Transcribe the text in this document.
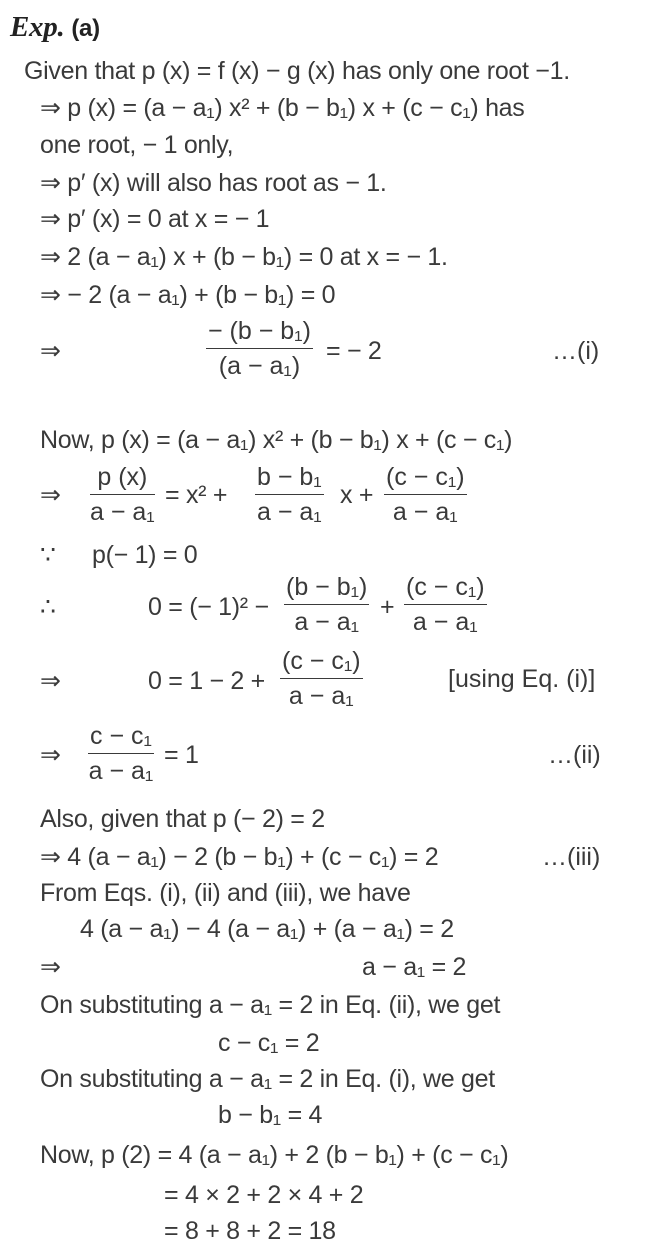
Exp. (a)
Given that p (x) = f (x) − g (x) has only one root −1.
⇒ p (x) = (a − a₁) x² + (b − b₁) x + (c − c₁) has
one root, − 1 only,
⇒ p′ (x) will also has root as − 1.
⇒ p′ (x) = 0 at x = − 1
⇒ 2 (a − a₁) x + (b − b₁) = 0 at x = − 1.
⇒ − 2 (a − a₁) + (b − b₁) = 0
⇒	$\frac{\text{− (b − b₁)}}{\text{(a − a₁)}}$ = − 2	…(i)
Now, p (x) = (a − a₁) x² + (b − b₁) x + (c − c₁)
⇒ $\frac{p (x)}{\text{a − a₁}} = x^2 + \frac{\text{b − b₁}}{\text{a − a₁}}$ $x + \frac{\text{(c − c₁)}}{\text{a − a₁}}$
∵ p(− 1) = 0
∴	0 = (− $1)^2 - \frac{\text{(b − b₁)}}{\text{a − a₁}} + \frac{\text{(c − c₁)}}{\text{a − a₁}}$
⇒	$0 = 1 - 2 + \frac{\text{(c − c₁)}}{\text{a − a₁}}$	[using Eq. (i)]
⇒ $\frac{\text{c − c₁}}{\text{a − a₁}} = 1$	…(ii)
Also, given that p (− 2) = 2
⇒ 4 (a − a₁) − 2 (b − b₁) + (c − c₁) = 2	…(iii)
From Eqs. (i), (ii) and (iii), we have
4 (a − a₁) − 4 (a − a₁) + (a − a₁) = 2
⇒	a − a₁ = 2
On substituting a − a₁ = 2 in Eq. (ii), we get
c − c₁ = 2
On substituting a − a₁ = 2 in Eq. (i), we get
b − b₁ = 4
Now, p (2) = 4 (a − a₁) + 2 (b − b₁) + (c − c₁)
= 4 × 2 + 2 × 4 + 2
= 8 + 8 + 2 = 18
